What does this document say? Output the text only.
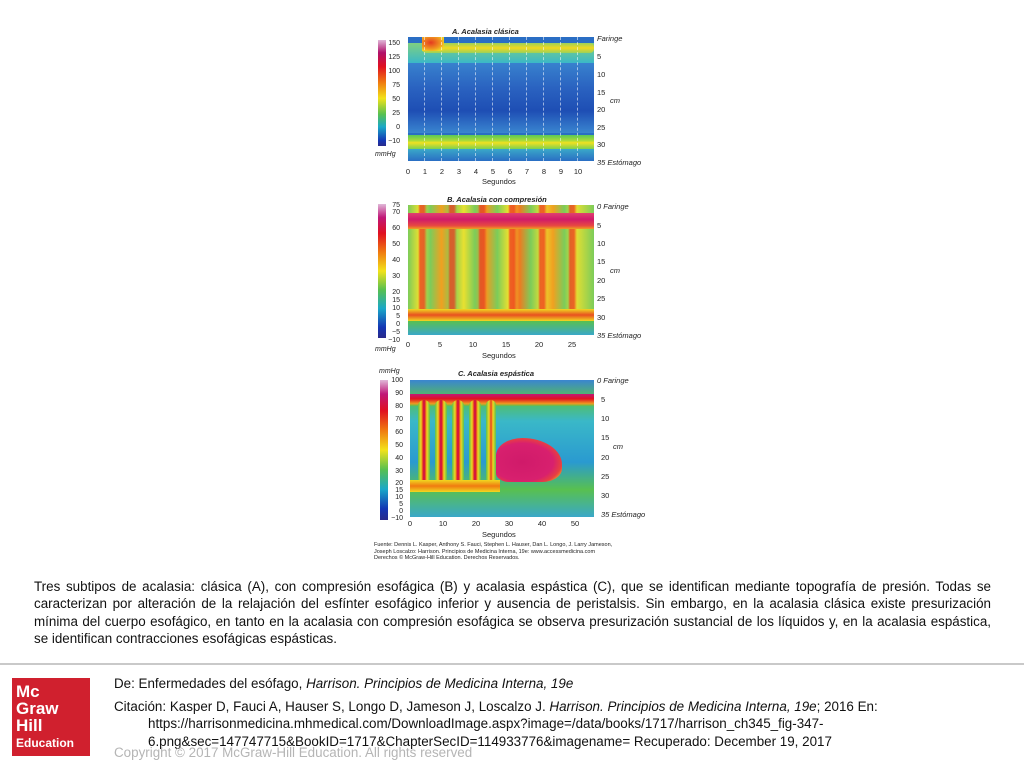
A. Acalasia clásica
150
125
100
75
50
25
0
−10
mmHg
Faringe
5
10
15
20
25
30
35 Estómago
cm
0	1	2	3	4	5	6	7	8	9	10
Segundos
B. Acalasia con compresión
75
70
60
50
40
30
20
15
10
5
0
−5
−10
mmHg
0 Faringe
5
10
15
20
25
30
35 Estómago
cm
0	5	10	15	20	25
Segundos
mmHg	C. Acalasia espástica
100
90
80
70
60
50
40
30
20
15
10
5
0
−10
0 Faringe
5
10
15
20
25
30
35 Estómago
cm
0	10	20	30	40	50
Segundos
Fuente: Dennis L. Kasper, Anthony S. Fauci, Stephen L. Hauser, Dan L. Longo, J. Larry Jameson,
Joseph Loscalzo: Harrison. Principios de Medicina Interna, 19e: www.accessmedicina.com
Derechos © McGraw-Hill Education. Derechos Reservados.
Tres subtipos de acalasia: clásica (A), con compresión esofágica (B) y acalasia espástica (C), que se identifican mediante topografía de presión. Todas se caracterizan por alteración de la relajación del esfínter esofágico inferior y ausencia de peristalsis. Sin embargo, en la acalasia clásica existe presurización mínima del cuerpo esofágico, en tanto en la acalasia con compresión esofágica se observa presurización sustancial de los líquidos y, en la acalasia espástica, se identifican contracciones esofágicas espásticas.
Mc
Graw
Hill
Education
De: Enfermedades del esófago, Harrison. Principios de Medicina Interna, 19e
Citación: Kasper D, Fauci A, Hauser S, Longo D, Jameson J, Loscalzo J. Harrison. Principios de Medicina Interna, 19e; 2016 En:
https://harrisonmedicina.mhmedical.com/DownloadImage.aspx?image=/data/books/1717/harrison_ch345_fig-347-
6.png&sec=147747715&BookID=1717&ChapterSecID=114933776&imagename= Recuperado: December 19, 2017
Copyright © 2017 McGraw-Hill Education. All rights reserved
